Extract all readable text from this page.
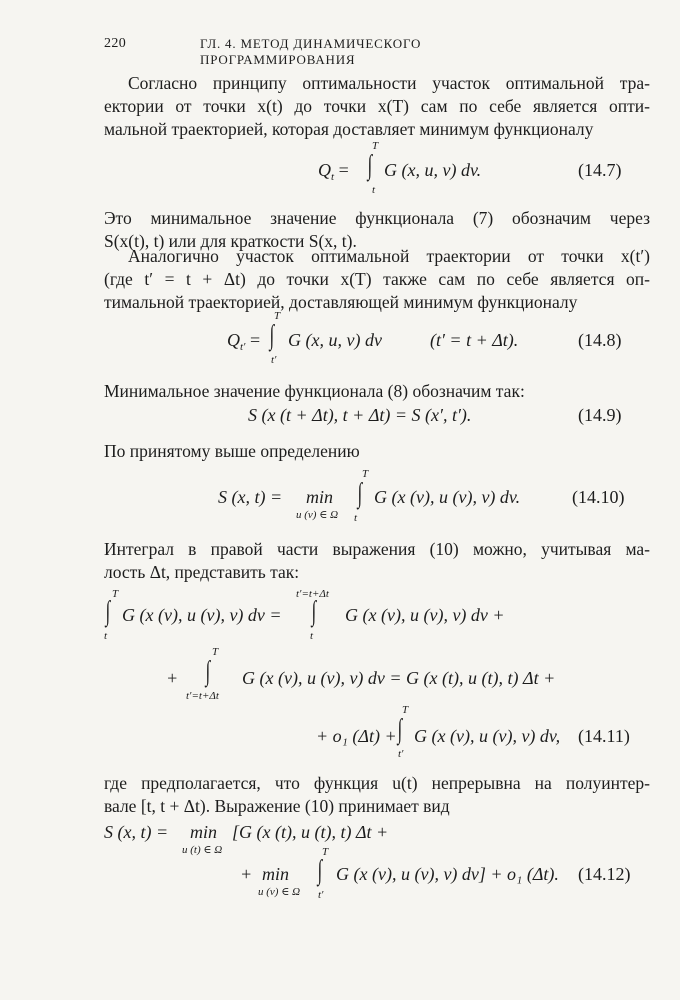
220	ГЛ. 4. МЕТОД ДИНАМИЧЕСКОГО ПРОГРАММИРОВАНИЯ
Согласно принципу оптимальности участок оптимальной тра-
ектории от точки x(t) до точки x(T) сам по себе является опти-
мальной траекторией, которая доставляет минимум функционалу
$Q_t$ =
T
∫
t
G (x, u, v) dv.	(14.7)
Это минимальное значение функционала (7) обозначим через
S(x(t), t) или для краткости S(x, t).
Аналогично участок оптимальной траектории от точки x(t′)
(где t′ = t + Δt) до точки x(T) также сам по себе является оп-
тимальной траекторией, доставляющей минимум функционалу
$Q_{t'}$ =
T
∫
t′
G (x, u, v) dv	(t′ = t + Δt).	(14.8)
Минимальное значение функционала (8) обозначим так:
S (x (t + Δt), t + Δt) = S (x′, t′).	(14.9)
По принятому выше определению
S (x, t) = min
u (v) ∈ Ω
T
∫
t
G (x (v), u (v), v) dv.	(14.10)
Интеграл в правой части выражения (10) можно, учитывая ма-
лость Δt, представить так:
T
∫
t
G (x (v), u (v), v) dv =
t′=t+Δt
∫
t
G (x (v), u (v), v) dv +
+
T
∫
t′=t+Δt
G (x (v), u (v), v) dv = G (x (t), u (t), t) Δt +
+ o₁ (Δt) +
T
∫
t′
G (x (v), u (v), v) dv, (14.11)
где предполагается, что функция u(t) непрерывна на полуинтер-
вале [t, t + Δt). Выражение (10) принимает вид
S (x, t) = min
u (t) ∈ Ω
[G (x (t), u (t), t) Δt +
+ min
u (v) ∈ Ω
T
∫
t′
G (x (v), u (v), v) dv] + o₁ (Δt). (14.12)
